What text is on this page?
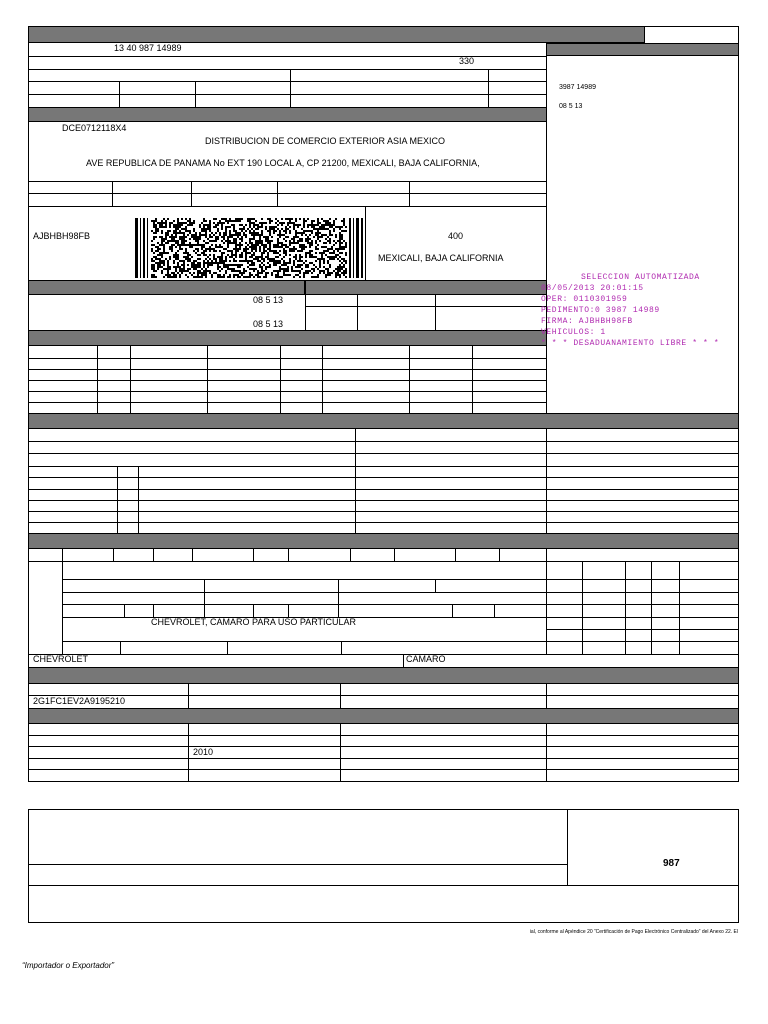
13 40 987 14989
330
3987 14989
08 5 13
DCE0712118X4
DISTRIBUCION DE COMERCIO EXTERIOR ASIA MEXICO
AVE REPUBLICA DE PANAMA No EXT 190 LOCAL A, CP 21200, MEXICALI, BAJA CALIFORNIA,
AJBHBH98FB	400
MEXICALI, BAJA CALIFORNIA
08 5 13
08 5 13
SELECCION AUTOMATIZADA
08/05/2013 20:01:15
OPER: 0110301959
PEDIMENTO:0 3987 14989
FIRMA: AJBHBH98FB
VEHICULOS: 1
* * * DESADUANAMIENTO LIBRE * * *
CHEVROLET, CAMARO PARA USO PARTICULAR
CHEVROLET	CAMARO
2G1FC1EV2A9195210
2010
987
ial, conforme al Apéndice 20 “Certificación de Pago Electrónico Centralizado” del Anexo 22. El
“Importador o Exportador”
